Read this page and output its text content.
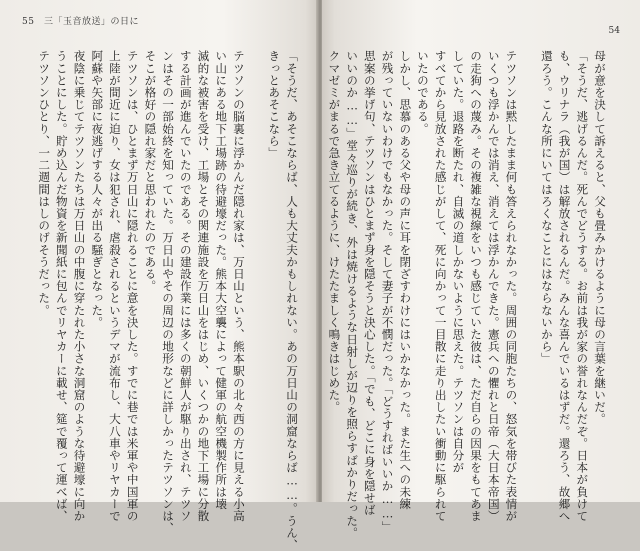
55　三「玉音放送」の日に
「そうだ、あそこならば、人も大丈夫かもしれない。あの万日山の洞窟ならば……。うん、
きっとあそこなら」

テツソンの脳裏に浮かんだ隠れ家は、万日山という、熊本駅の北々西の方に見える小高
い山にある地下工場跡の待避壕だった。熊本大空襲によって健軍の航空機製作所は壊
滅的な被害を受け、工場とその関連施設を万日山をはじめ、いくつかの地下工場に分散
する計画が進んでいたのである。その建設作業には多くの朝鮮人が駆り出され、テツソ
ンはその一部始終を知っていた。万日山やその周辺の地形などに詳しかったテツソンは、
そこが格好の隠れ家だと思われたのである。
テツソンは、ひとまず万日山に隠れることに意を決した。すでに巷では米軍や中国軍の
上陸が間近に迫り、女は犯され、虐殺されるというデマが流布し、大八車やリヤカーで
阿蘇や矢部に夜逃げする人々が出る騒ぎとなった。
夜陰に乗じてテツソンたちは万日山の中腹に穿たれた小さな洞窟のような待避壕に向か
うことにした。貯め込んだ物資を新聞紙に包んでリヤカーに載せ、筵で覆って運べば、
テツソンひとり、一二週間はしのげそうだった。
54
母が意を決して訴えると、父も畳みかけるように母の言葉を継いだ。
「そうだ、逃げるんだ。死んでどうする。お前は我が家の誉れなんだぞ。日本が負けて
も、ウリナラ（我が国）は解放されるんだ。みんな喜んでいるはずだ。還ろう、故郷へ
還ろう。こんな所にいてはろくなことにはならないから」

テツソンは黙したまま何も答えられなかった。周囲の同胞たちの、怒気を帯びた表情が
いくつも浮かんでは消え、消えては浮かんできた。憲兵への懼れと日帝（大日本帝国）
の走狗への蔑み。その複雑な視線をいつも感じていた彼は、ただ自らの因果をもてあま
していた。退路を断たれ、自滅の道しかないように思えた。テツソンは自分が
すべてから見放された感じがして、死に向かって一目散に走り出したい衝動に駆られて
いたのである。
しかし、思慕のある父や母の声に耳を閉ざすわけにはいかなかった。また生への未練
が残っていないわけでもなかった。そして妻子が不憫だった。「どうすればいいか……」
思案の挙げ句、テツソンはひとまず身を隠そうと決心した。「でも、どこに身を隠せば
いいのか……」堂々巡りが続き、外は焼けるような日射しが辺りを照らすばかりだった。
クマゼミがまるで急き立てるように、けたたましく鳴きはじめた。
